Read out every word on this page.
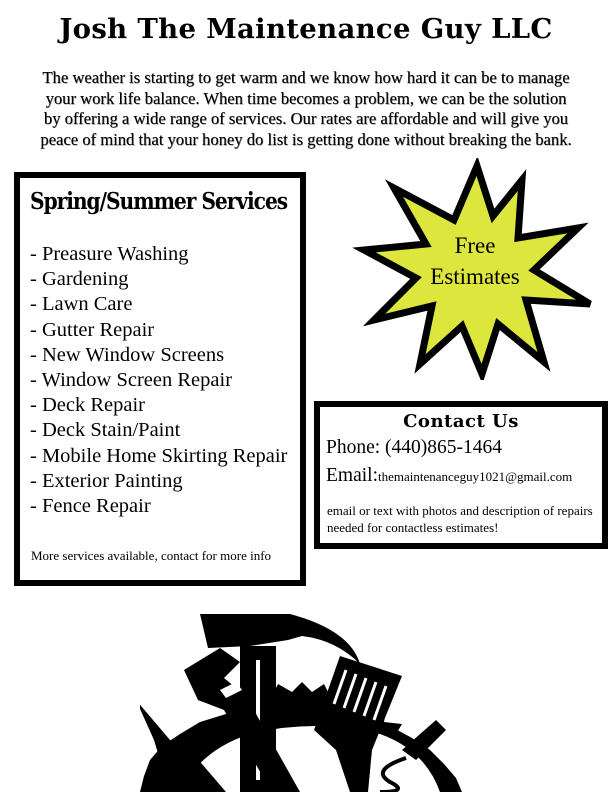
Josh The Maintenance Guy LLC
The weather is starting to get warm and we know how hard it can be to manage
your work life balance. When time becomes a problem, we can be the solution
by offering a wide range of services. Our rates are affordable and will give you
peace of mind that your honey do list is getting done without breaking the bank.
Spring/Summer Services
- Preasure Washing
- Gardening
- Lawn Care
- Gutter Repair
- New Window Screens
- Window Screen Repair
- Deck Repair
- Deck Stain/Paint
- Mobile Home Skirting Repair
- Exterior Painting
- Fence Repair
More services available, contact for more info
Free
Estimates
Contact Us
Phone: (440)865-1464
Email:themaintenanceguy1021@gmail.com
email or text with photos and description of repairs needed for contactless estimates!
